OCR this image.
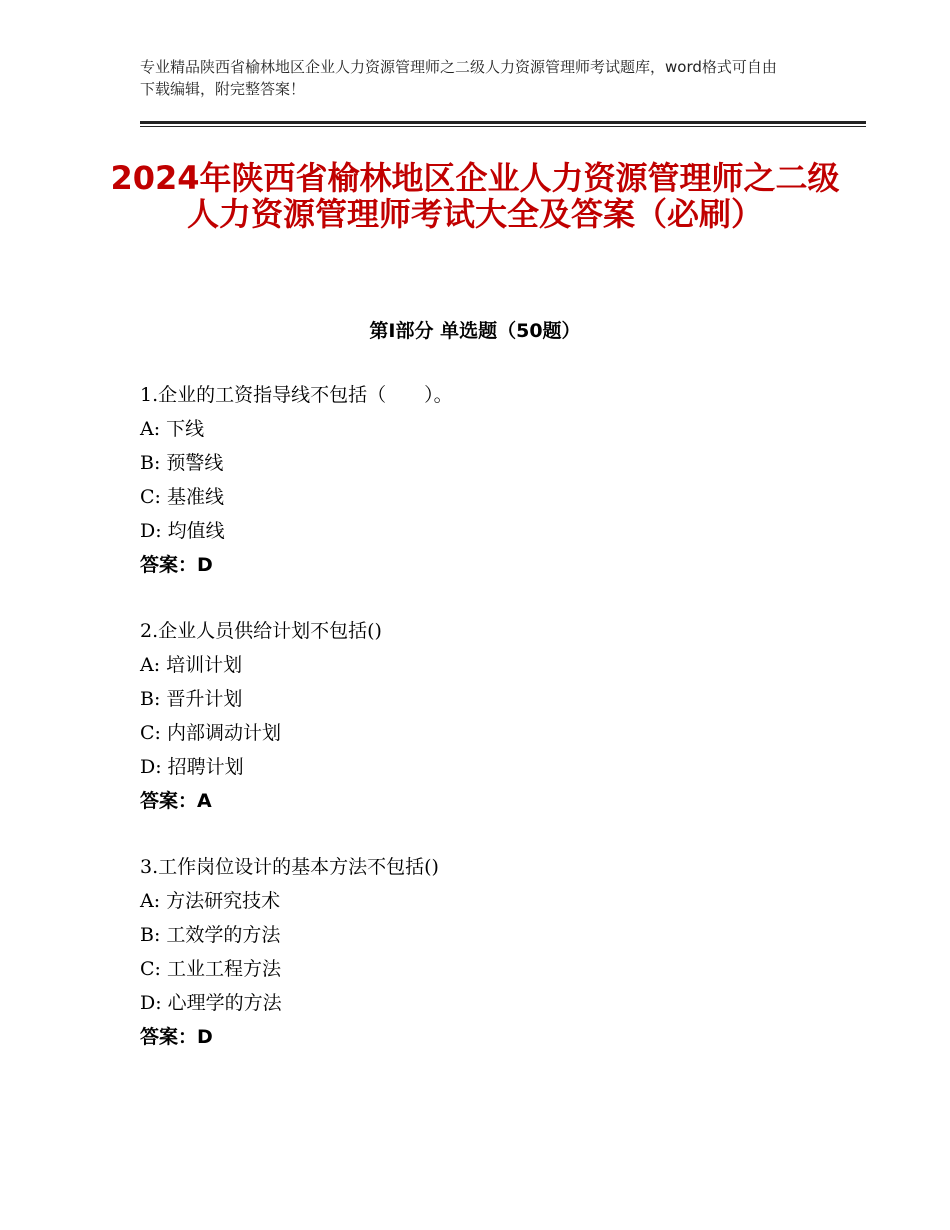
专业精品陕西省榆林地区企业人力资源管理师之二级人力资源管理师考试题库，word格式可自由下载编辑，附完整答案！
2024年陕西省榆林地区企业人力资源管理师之二级人力资源管理师考试大全及答案（必刷）
第Ⅰ部分 单选题（50题）
1.企业的工资指导线不包括（　　）。
A: 下线
B: 预警线
C: 基准线
D: 均值线
答案：D
2.企业人员供给计划不包括()
A: 培训计划
B: 晋升计划
C: 内部调动计划
D: 招聘计划
答案：A
3.工作岗位设计的基本方法不包括()
A: 方法研究技术
B: 工效学的方法
C: 工业工程方法
D: 心理学的方法
答案：D
